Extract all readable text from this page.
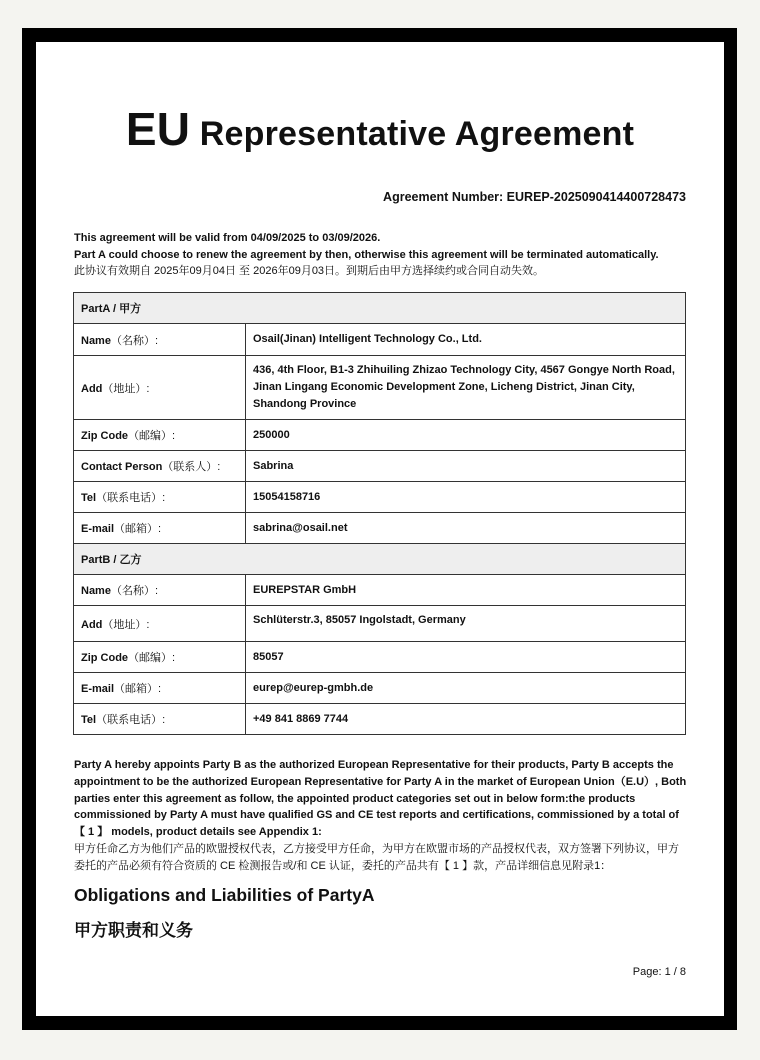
EU Representative Agreement
Agreement Number: EUREP-2025090414400728473
This agreement will be valid from 04/09/2025 to 03/09/2026.
Part A could choose to renew the agreement by then, otherwise this agreement will be terminated automatically.
此协议有效期自 2025年09月04日 至 2026年09月03日。到期后由甲方选择续约或合同自动失效。
PartA / 甲方	
Name（名称）:	Osail(Jinan) Intelligent Technology Co., Ltd.
Add（地址）:	436, 4th Floor, B1-3 Zhihuiling Zhizao Technology City, 4567 Gongye North Road, Jinan Lingang Economic Development Zone, Licheng District, Jinan City, Shandong Province
Zip Code（邮编）:	250000
Contact Person（联系人）:	Sabrina
Tel（联系电话）:	15054158716
E-mail（邮箱）:	sabrina@osail.net
PartB / 乙方	
Name（名称）:	EUREPSTAR GmbH
Add（地址）:	Schlüterstr.3, 85057 Ingolstadt, Germany
Zip Code（邮编）:	85057
E-mail（邮箱）:	eurep@eurep-gmbh.de
Tel（联系电话）:	+49 841 8869 7744
Party A hereby appoints Party B as the authorized European Representative for their products, Party B accepts the appointment to be the authorized European Representative for Party A in the market of European Union（E.U）, Both parties enter this agreement as follow, the appointed product categories set out in below form:the products commissioned by Party A must have qualified GS and CE test reports and certifications, commissioned by a total of【 1 】 models, product details see Appendix 1:
甲方任命乙方为他们产品的欧盟授权代表，乙方接受甲方任命，为甲方在欧盟市场的产品授权代表，双方签署下列协议，甲方委托的产品必须有符合资质的 CE 检测报告或/和 CE 认证，委托的产品共有【 1 】款，产品详细信息见附录1：
Obligations and Liabilities of PartyA
甲方职责和义务
Page: 1 / 8
